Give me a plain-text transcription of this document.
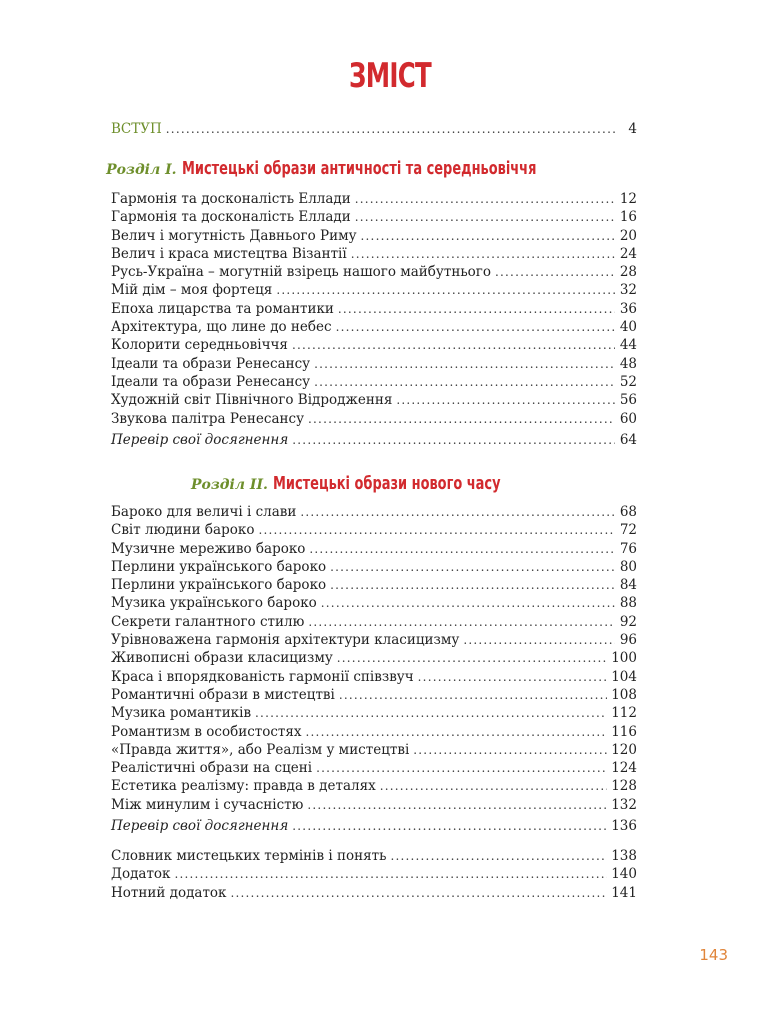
ЗМІСТ
ВСТУП .....	4
Розділ І. Мистецькі образи античності та середньовіччя
Гармонія та досконалість Еллади .....	12
Гармонія та досконалість Еллади .....	16
Велич і могутність Давнього Риму .....	20
Велич і краса мистецтва Візантії .....	24
Русь-Україна – могутній взірець нашого майбутнього .....	28
Мій дім – моя фортеця .....	32
Епоха лицарства та романтики .....	36
Архітектура, що лине до небес .....	40
Колорити середньовіччя .....	44
Ідеали та образи Ренесансу .....	48
Ідеали та образи Ренесансу .....	52
Художній світ Північного Відродження .....	56
Звукова палітра Ренесансу .....	60
Перевір свої досягнення .....	64
Розділ ІІ. Мистецькі образи нового часу
Бароко для величі і слави .....	68
Світ людини бароко .....	72
Музичне мереживо бароко .....	76
Перлини українського бароко .....	80
Перлини українського бароко .....	84
Музика українського бароко .....	88
Секрети галантного стилю .....	92
Урівноважена гармонія архітектури класицизму .....	96
Живописні образи класицизму .....	100
Краса і впорядкованість гармонії співзвуч .....	104
Романтичні образи в мистецтві .....	108
Музика романтиків .....	112
Романтизм в особистостях .....	116
«Правда життя», або Реалізм у мистецтві .....	120
Реалістичні образи на сцені .....	124
Естетика реалізму: правда в деталях .....	128
Між минулим і сучасністю .....	132
Перевір свої досягнення .....	136
Словник мистецьких термінів і понять .....	138
Додаток .....	140
Нотний додаток .....	141
143
